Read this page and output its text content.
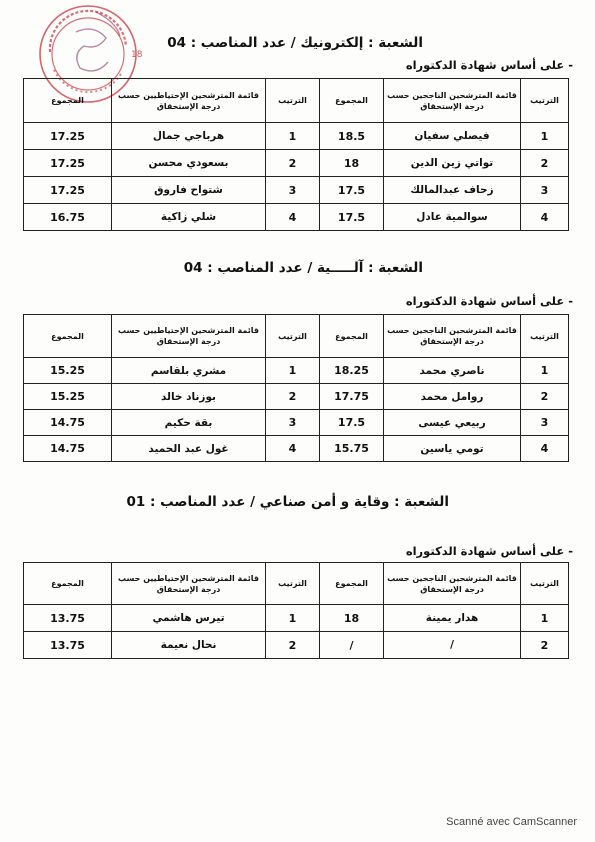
18
الشعبة : إلكترونيك / عدد المناصب : 04
- على أساس شهادة الدكتوراه
الترتيب	قائمة المترشحين الناجحين حسب درجة الإستحقاق	المجموع	الترتيب	قائمة المترشحين الإحتياطيين حسب درجة الإستحقاق	المجموع
1	فيصلي سفيان	18.5	1	هرباجي جمال	17.25
2	تواتي زين الدين	18	2	بسعودي محسن	17.25
3	زحاف عبدالمالك	17.5	3	شتواح فاروق	17.25
4	سوالمية عادل	17.5	4	شلي زاكية	16.75
الشعبة : آلـــــية / عدد المناصب : 04
- على أساس شهادة الدكتوراه
الترتيب	قائمة المترشحين الناجحين حسب درجة الإستحقاق	المجموع	الترتيب	قائمة المترشحين الإحتياطيين حسب درجة الإستحقاق	المجموع
1	ناصري محمد	18.25	1	مشري بلقاسم	15.25
2	روامل محمد	17.75	2	بوزناد خالد	15.25
3	ربيعي عيسى	17.5	3	بقة حكيم	14.75
4	تومي ياسين	15.75	4	غول عبد الحميد	14.75
الشعبة : وقاية و أمن صناعي / عدد المناصب : 01
- على أساس شهادة الدكتوراه
الترتيب	قائمة المترشحين الناجحين حسب درجة الإستحقاق	المجموع	الترتيب	قائمة المترشحين الإحتياطيين حسب درجة الإستحقاق	المجموع
1	هدار يمينة	18	1	تيرس هاشمي	13.75
2	/	/	2	نحال نعيمة	13.75
Scanné avec CamScanner
